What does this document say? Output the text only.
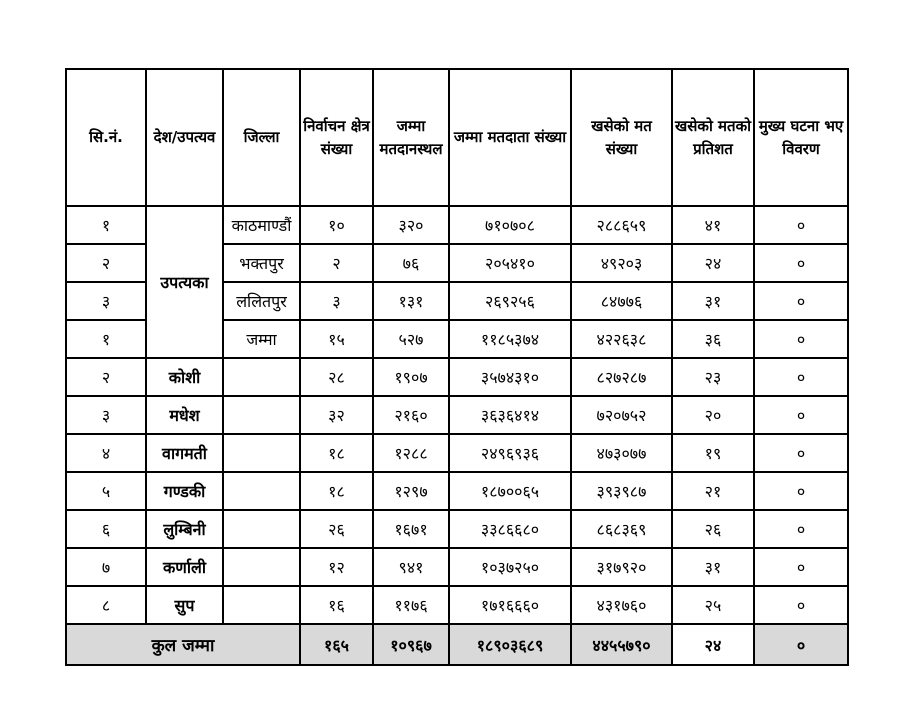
सि.नं.	देश/उपत्यव	जिल्ला	निर्वाचन क्षेत्र संख्या	जम्मा मतदानस्थल	जम्मा मतदाता संख्या	खसेको मत संख्या	खसेको मतको प्रतिशत	मुख्य घटना भए विवरण
१	उपत्यका	काठमाण्डौं	१०	३२०	७१०७०८	२८८६५९	४१	०
२		भक्तपुर	२	७६	२०५४१०	४९२०३	२४	०
३		ललितपुर	३	१३१	२६९२५६	८४७७६	३१	०
१		जम्मा	१५	५२७	११८५३७४	४२२६३८	३६	०
२	कोशी		२८	१९०७	३५७४३१०	८२७२८७	२३	०
३	मधेश		३२	२१६०	३६३६४१४	७२०७५२	२०	०
४	वागमती		१८	१२८८	२४९६९३६	४७३०७७	१९	०
५	गण्डकी		१८	१२९७	१८७००६५	३९३९८७	२१	०
६	लुम्बिनी		२६	१६७१	३३८६६८०	८६८३६९	२६	०
७	कर्णाली		१२	९४१	१०३७२५०	३१७९२०	३१	०
८	सुप		१६	११७६	१७१६६६०	४३१७६०	२५	०
कुल जम्मा			१६५	१०९६७	१८९०३६८९	४४५५७९०	२४	०
